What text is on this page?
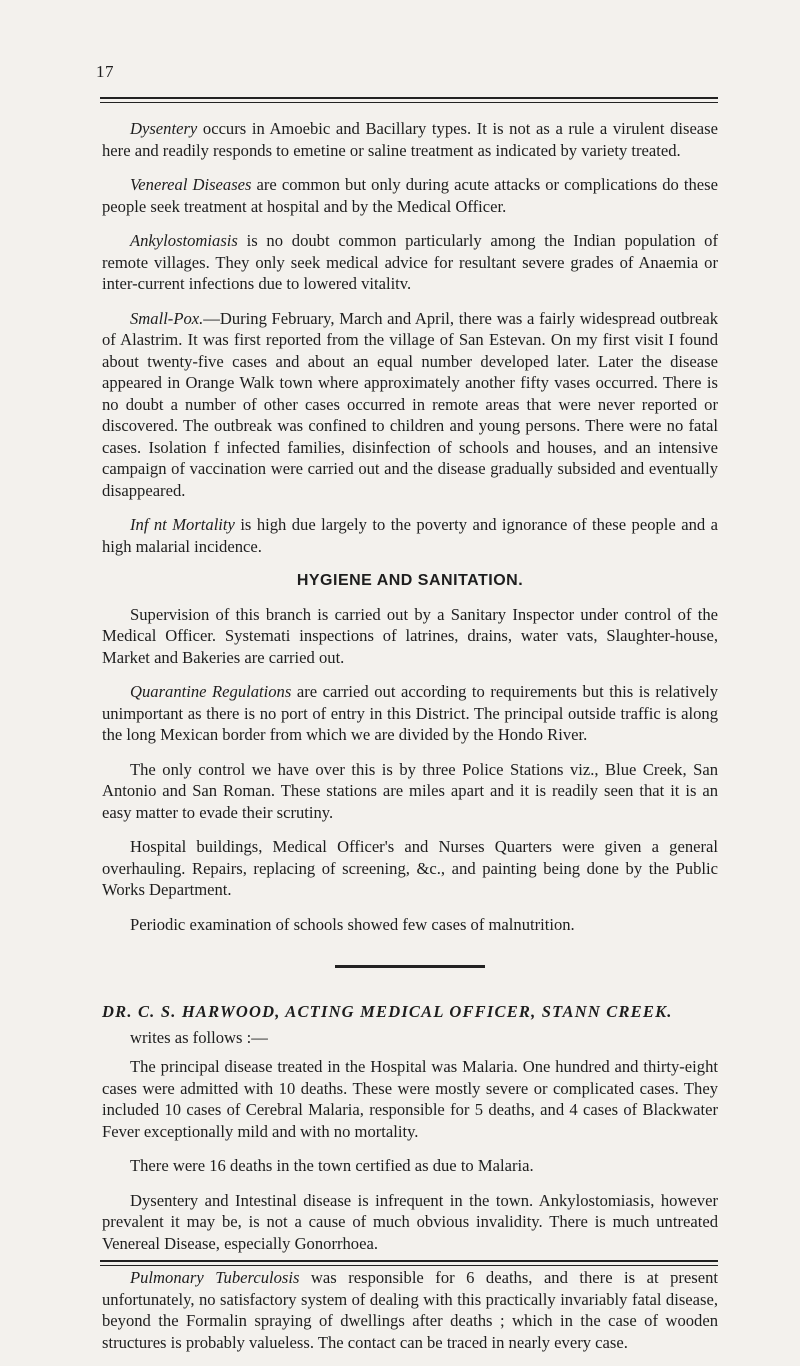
17

Dysentery occurs in Amoebic and Bacillary types. It is not as a rule a virulent disease here and readily responds to emetine or saline treatment as indicated by variety treated.

Venereal Diseases are common but only during acute attacks or complications do these people seek treatment at hospital and by the Medical Officer.

Ankylostomiasis is no doubt common particularly among the Indian population of remote villages. They only seek medical advice for resultant severe grades of Anaemia or inter-current infections due to lowered vitalitv.

Small-Pox.—During February, March and April, there was a fairly widespread outbreak of Alastrim. It was first reported from the village of San Estevan. On my first visit I found about twenty-five cases and about an equal number developed later. Later the disease appeared in Orange Walk town where approximately another fifty vases occurred. There is no doubt a number of other cases occurred in remote areas that were never reported or discovered. The outbreak was confined to children and young persons. There were no fatal cases. Isolation f infected families, disinfection of schools and houses, and an intensive campaign of vaccination were carried out and the disease gradually subsided and eventually disappeared.

Inf nt Mortality is high due largely to the poverty and ignorance of these people and a high malarial incidence.

HYGIENE AND SANITATION.

Supervision of this branch is carried out by a Sanitary Inspector under control of the Medical Officer. Systemati inspections of latrines, drains, water vats, Slaughter-house, Market and Bakeries are carried out.

Quarantine Regulations are carried out according to requirements but this is relatively unimportant as there is no port of entry in this District. The principal outside traffic is along the long Mexican border from which we are divided by the Hondo River.

The only control we have over this is by three Police Stations viz., Blue Creek, San Antonio and San Roman. These stations are miles apart and it is readily seen that it is an easy matter to evade their scrutiny.

Hospital buildings, Medical Officer's and Nurses Quarters were given a general overhauling. Repairs, replacing of screening, &c., and painting being done by the Public Works Department.

Periodic examination of schools showed few cases of malnutrition.

DR. C. S. HARWOOD, ACTING MEDICAL OFFICER, STANN CREEK.

writes as follows :—

The principal disease treated in the Hospital was Malaria. One hundred and thirty-eight cases were admitted with 10 deaths. These were mostly severe or complicated cases. They included 10 cases of Cerebral Malaria, responsible for 5 deaths, and 4 cases of Blackwater Fever exceptionally mild and with no mortality.

There were 16 deaths in the town certified as due to Malaria.

Dysentery and Intestinal disease is infrequent in the town. Ankylostomiasis, however prevalent it may be, is not a cause of much obvious invalidity. There is much untreated Venereal Disease, especially Gonorrhoea.

Pulmonary Tuberculosis was responsible for 6 deaths, and there is at present unfortunately, no satisfactory system of dealing with this practically invariably fatal disease, beyond the Formalin spraying of dwellings after deaths ; which in the case of wooden structures is probably valueless. The contact can be traced in nearly every case.
